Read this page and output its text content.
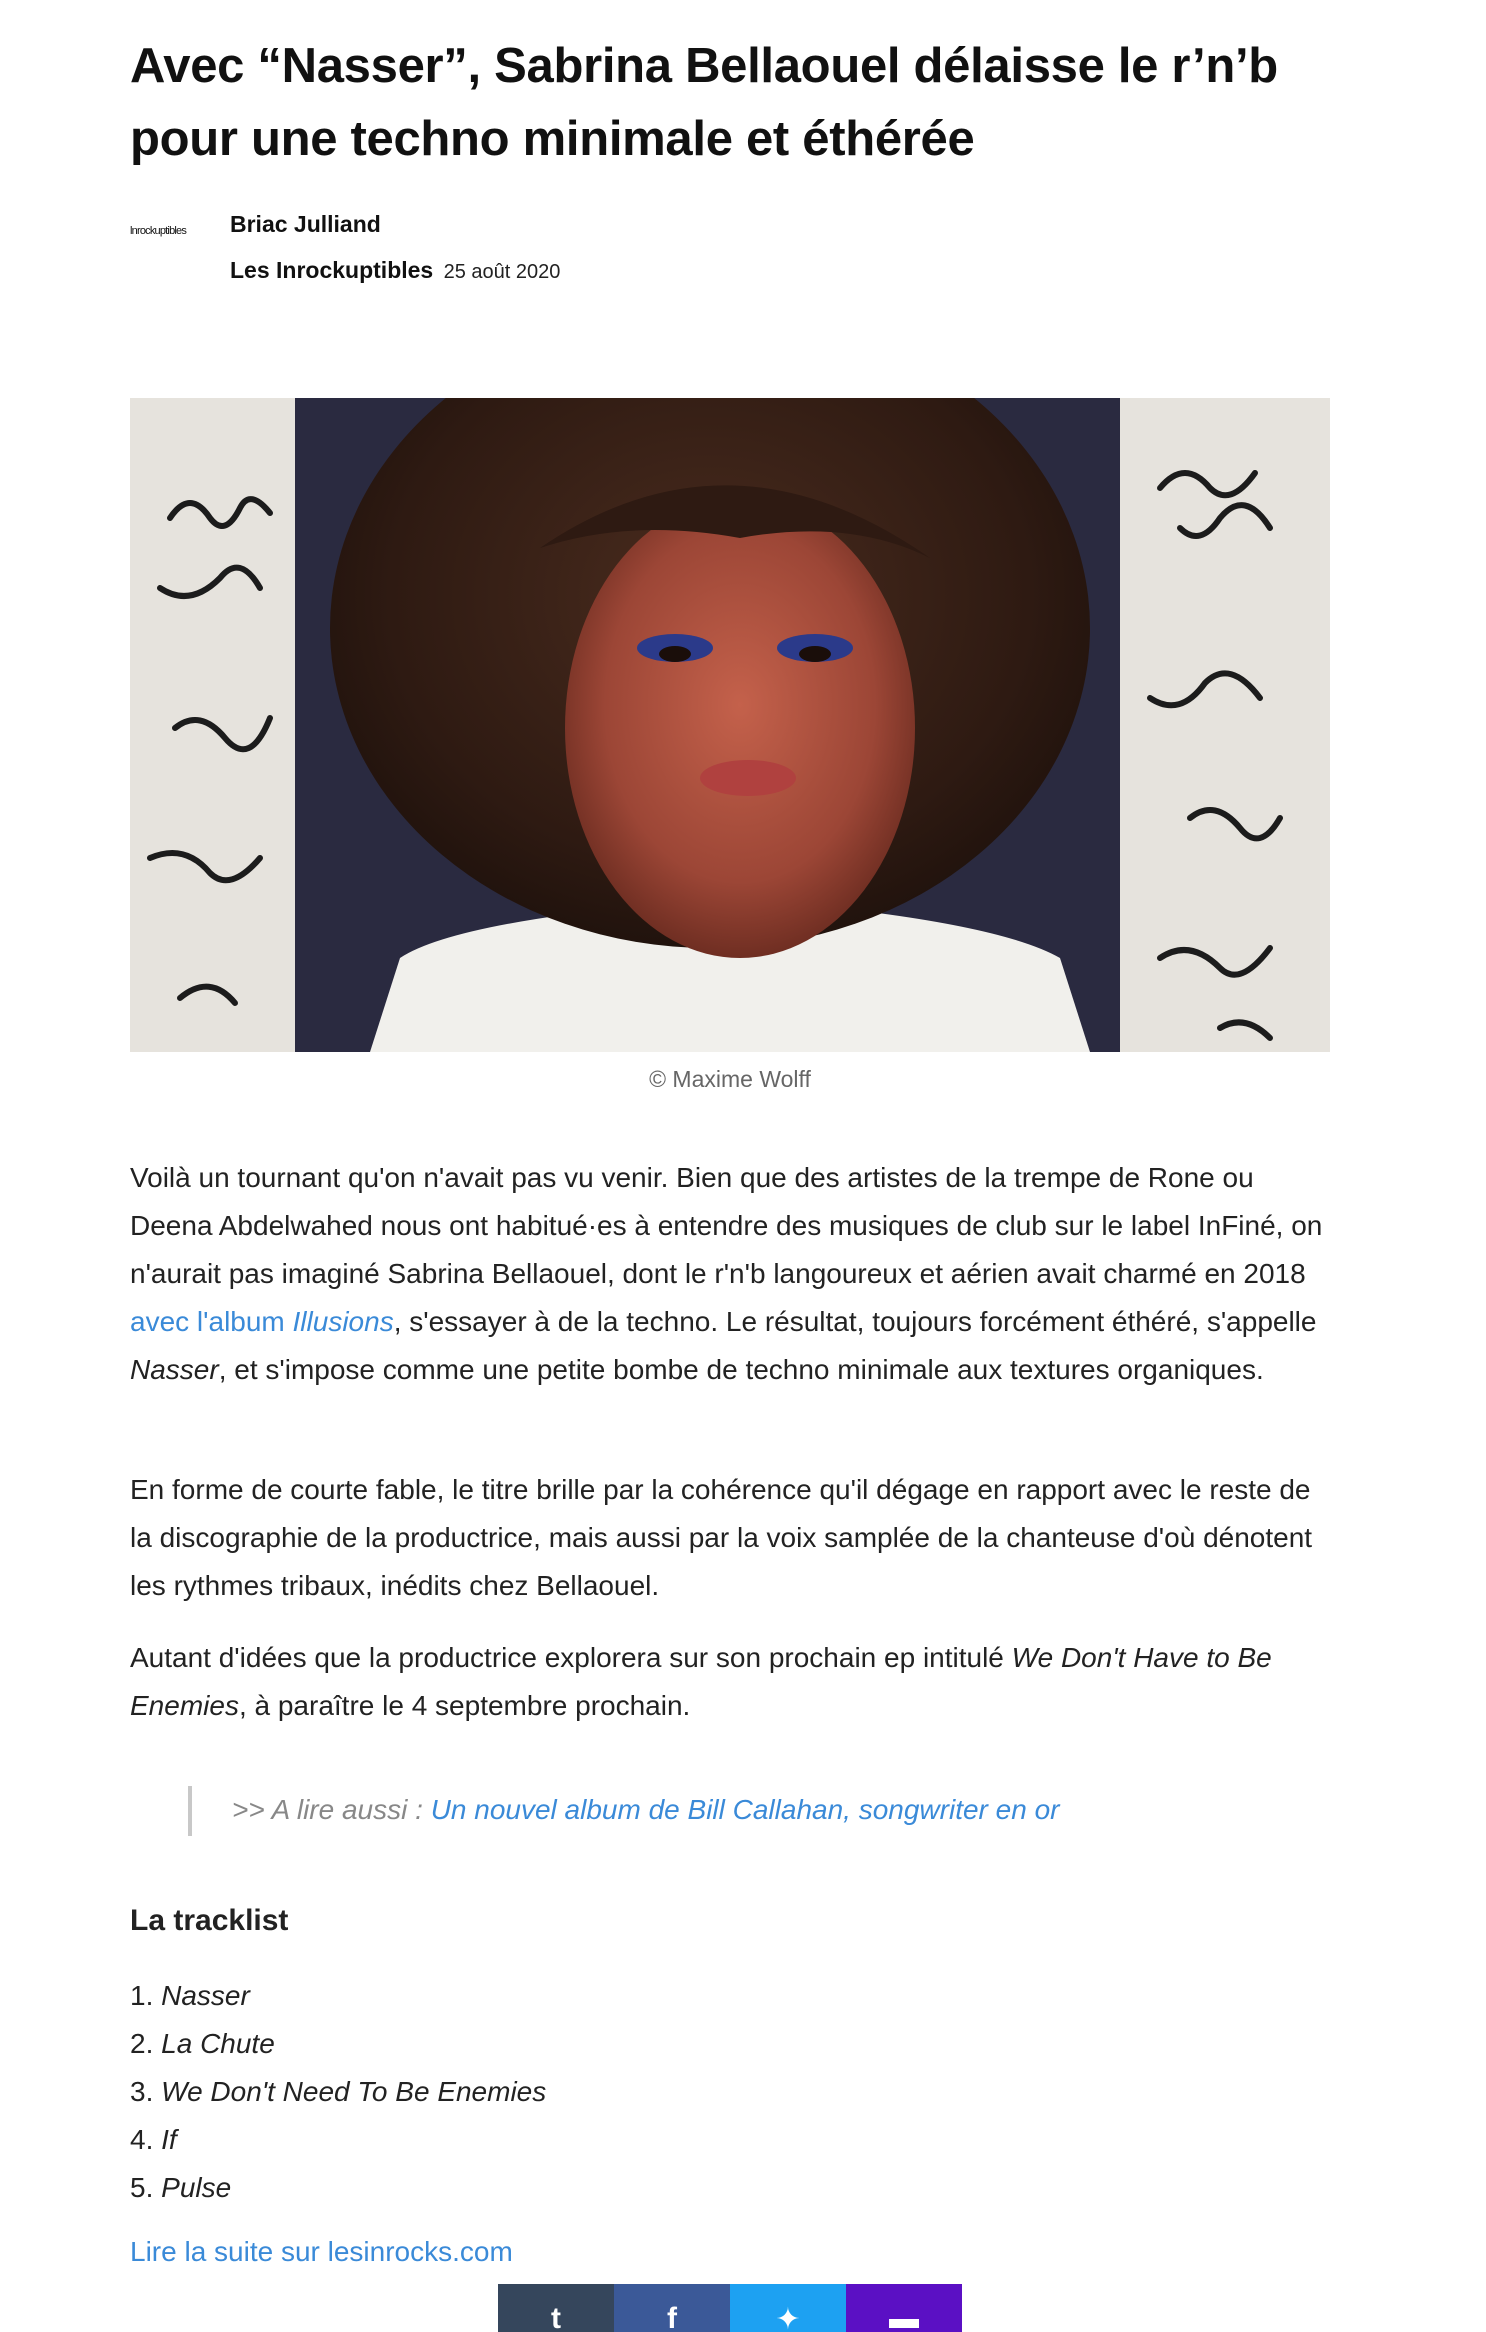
Avec “Nasser”, Sabrina Bellaouel délaisse le r’n’b pour une techno minimale et éthérée
lnrockuptibles Briac Julliand
Les Inrockuptibles 25 août 2020
© Maxime Wolff

Voilà un tournant qu'on n'avait pas vu venir. Bien que des artistes de la trempe de Rone ou Deena Abdelwahed nous ont habitué·es à entendre des musiques de club sur le label InFiné, on n'aurait pas imaginé Sabrina Bellaouel, dont le r'n'b langoureux et aérien avait charmé en 2018 avec l'album Illusions, s'essayer à de la techno. Le résultat, toujours forcément éthéré, s'appelle Nasser, et s'impose comme une petite bombe de techno minimale aux textures organiques.

En forme de courte fable, le titre brille par la cohérence qu'il dégage en rapport avec le reste de la discographie de la productrice, mais aussi par la voix samplée de la chanteuse d'où dénotent les rythmes tribaux, inédits chez Bellaouel.

Autant d'idées que la productrice explorera sur son prochain ep intitulé We Don't Have to Be Enemies, à paraître le 4 septembre prochain.

>> A lire aussi : Un nouvel album de Bill Callahan, songwriter en or
La tracklist
1. Nasser
2. La Chute
3. We Don't Need To Be Enemies
4. If
5. Pulse
Lire la suite sur lesinrocks.com
t	f	✦	▬
